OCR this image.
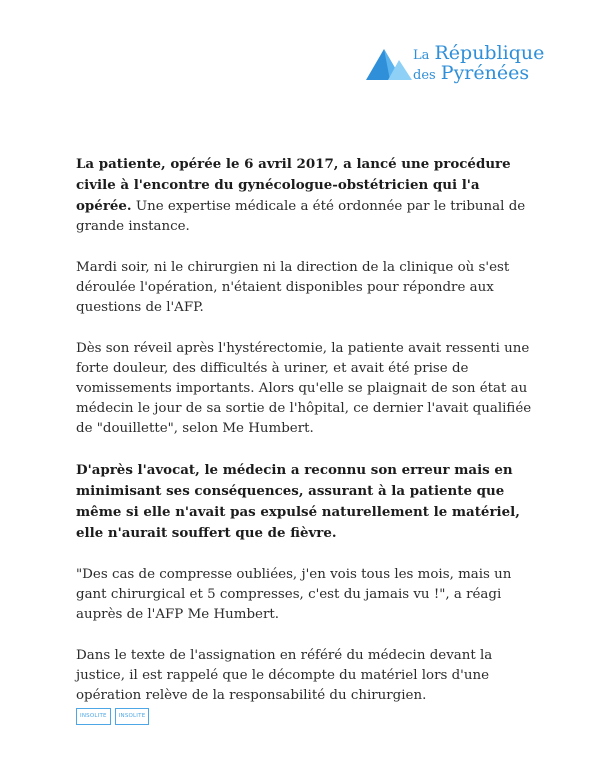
La République
des Pyrénées

La patiente, opérée le 6 avril 2017, a lancé une procédure civile à l'encontre du gynécologue-obstétricien qui l'a opérée. Une expertise médicale a été ordonnée par le tribunal de grande instance.

Mardi soir, ni le chirurgien ni la direction de la clinique où s'est déroulée l'opération, n'étaient disponibles pour répondre aux questions de l'AFP.

Dès son réveil après l'hystérectomie, la patiente avait ressenti une forte douleur, des difficultés à uriner, et avait été prise de vomissements importants. Alors qu'elle se plaignait de son état au médecin le jour de sa sortie de l'hôpital, ce dernier l'avait qualifiée de "douillette", selon Me Humbert.

D'après l'avocat, le médecin a reconnu son erreur mais en minimisant ses conséquences, assurant à la patiente que même si elle n'avait pas expulsé naturellement le matériel, elle n'aurait souffert que de fièvre.

"Des cas de compresse oubliées, j'en vois tous les mois, mais un gant chirurgical et 5 compresses, c'est du jamais vu !", a réagi auprès de l'AFP Me Humbert.

Dans le texte de l'assignation en référé du médecin devant la justice, il est rappelé que le décompte du matériel lors d'une opération relève de la responsabilité du chirurgien.

INSOLITE	INSOLITE
